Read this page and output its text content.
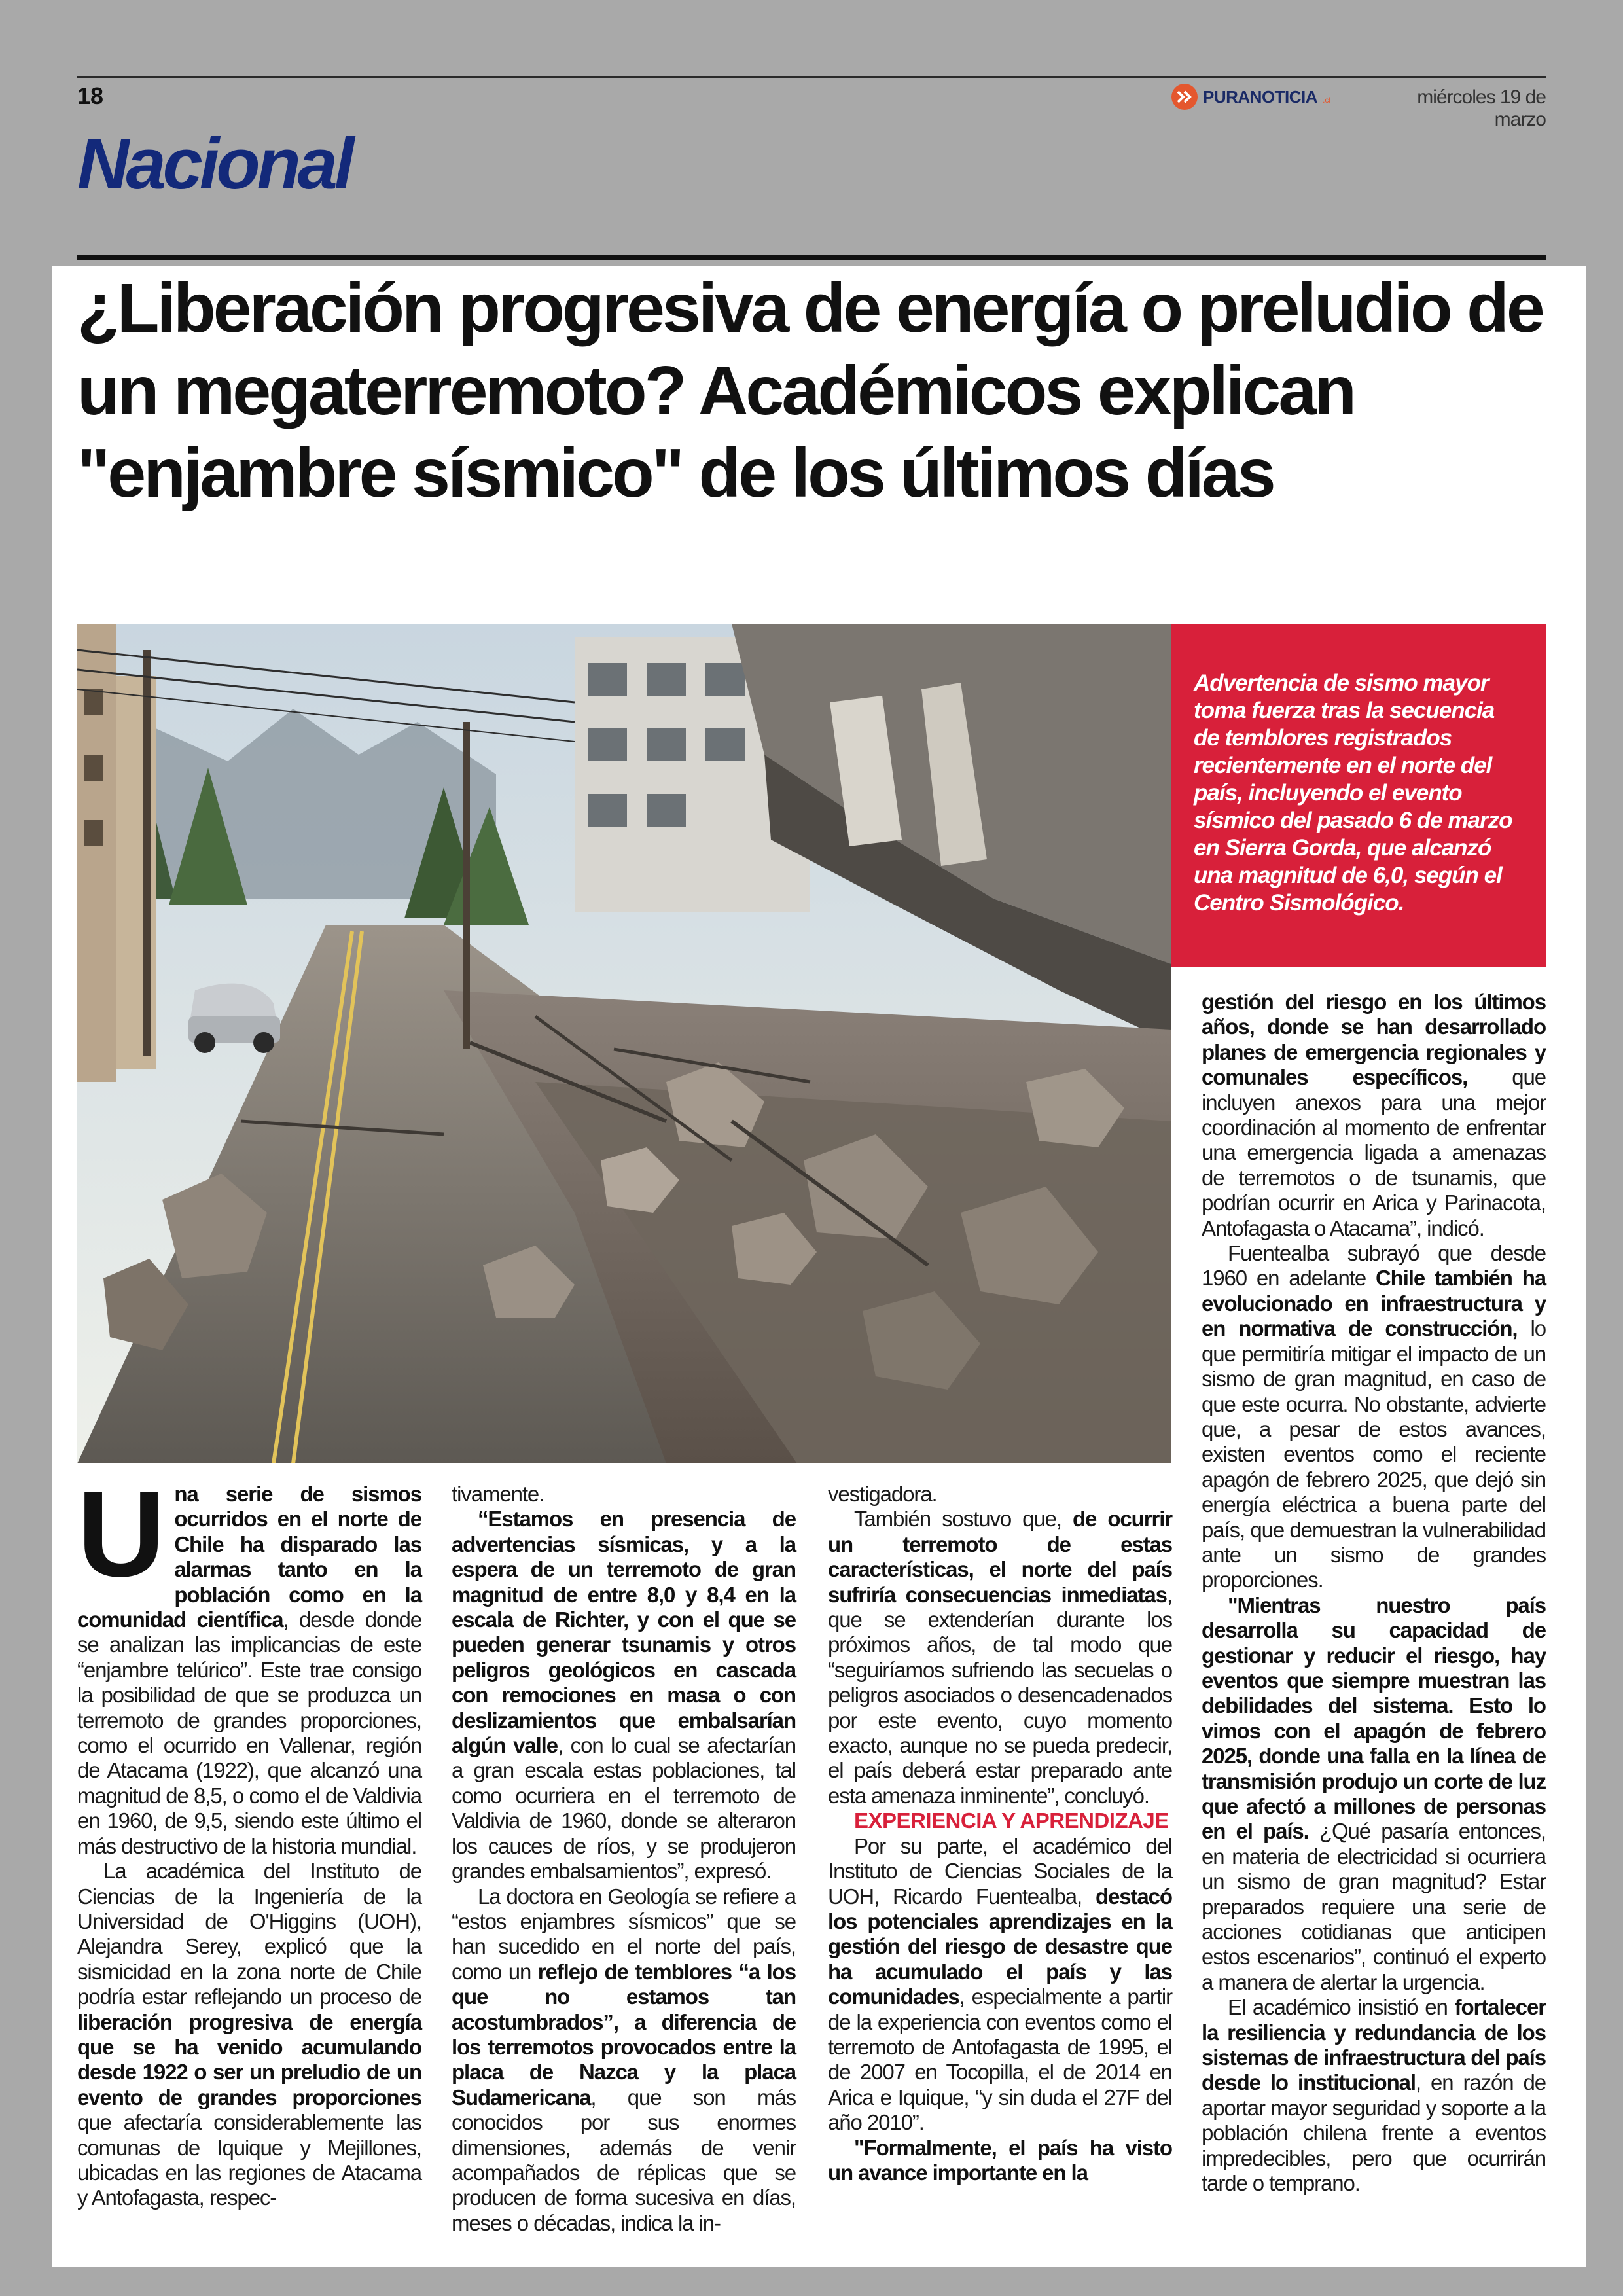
18	PURANOTICIA .cl	miércoles 19 de marzo
Nacional
¿Liberación progresiva de energía o preludio de un megaterremoto? Académicos explican "enjambre sísmico" de los últimos días

Advertencia de sismo mayor toma fuerza tras la secuencia de temblores registrados recientemente en el norte del país, incluyendo el evento sísmico del pasado 6 de marzo en Sierra Gorda, que alcanzó una magnitud de 6,0, según el Centro Sismológico.

U na serie de sismos ocurridos en el norte de Chile ha disparado las alarmas tanto en la población como en la comunidad científica, desde donde se analizan las implicancias de este “enjambre telúrico”. Este trae consigo la posibilidad de que se produzca un terremoto de grandes proporciones, como el ocurrido en Vallenar, región de Atacama (1922), que alcanzó una magnitud de 8,5, o como el de Valdivia en 1960, de 9,5, siendo este último el más destructivo de la historia mundial.

La académica del Instituto de Ciencias de la Ingeniería de la Universidad de O'Higgins (UOH), Alejandra Serey, explicó que la sismicidad en la zona norte de Chile podría estar reflejando un proceso de liberación progresiva de energía que se ha venido acumulando desde 1922 o ser un preludio de un evento de grandes proporciones que afectaría considerablemente las comunas de Iquique y Mejillones, ubicadas en las regiones de Atacama y Antofagasta, respec-

tivamente.

“Estamos en presencia de advertencias sísmicas, y a la espera de un terremoto de gran magnitud de entre 8,0 y 8,4 en la escala de Richter, y con el que se pueden generar tsunamis y otros peligros geológicos en cascada con remociones en masa o con deslizamientos que embalsarían algún valle, con lo cual se afectarían a gran escala estas poblaciones, tal como ocurriera en el terremoto de Valdivia de 1960, donde se alteraron los cauces de ríos, y se produjeron grandes embalsamientos”, expresó.

La doctora en Geología se refiere a “estos enjambres sísmicos” que se han sucedido en el norte del país, como un reflejo de temblores “a los que no estamos tan acostumbrados”, a diferencia de los terremotos provocados entre la placa de Nazca y la placa Sudamericana, que son más conocidos por sus enormes dimensiones, además de venir acompañados de réplicas que se producen de forma sucesiva en días, meses o décadas, indica la in-

vestigadora.

También sostuvo que, de ocurrir un terremoto de estas características, el norte del país sufriría consecuencias inmediatas, que se extenderían durante los próximos años, de tal modo que “seguiríamos sufriendo las secuelas o peligros asociados o desencadenados por este evento, cuyo momento exacto, aunque no se pueda predecir, el país deberá estar preparado ante esta amenaza inminente”, concluyó.

EXPERIENCIA Y APRENDIZAJE

Por su parte, el académico del Instituto de Ciencias Sociales de la UOH, Ricardo Fuentealba, destacó los potenciales aprendizajes en la gestión del riesgo de desastre que ha acumulado el país y las comunidades, especialmente a partir de la experiencia con eventos como el terremoto de Antofagasta de 1995, el de 2007 en Tocopilla, el de 2014 en Arica e Iquique, “y sin duda el 27F del año 2010”.

"Formalmente, el país ha visto un avance importante en la

gestión del riesgo en los últimos años, donde se han desarrollado planes de emergencia regionales y comunales específicos, que incluyen anexos para una mejor coordinación al momento de enfrentar una emergencia ligada a amenazas de terremotos o de tsunamis, que podrían ocurrir en Arica y Parinacota, Antofagasta o Atacama”, indicó.

Fuentealba subrayó que desde 1960 en adelante Chile también ha evolucionado en infraestructura y en normativa de construcción, lo que permitiría mitigar el impacto de un sismo de gran magnitud, en caso de que este ocurra. No obstante, advierte que, a pesar de estos avances, existen eventos como el reciente apagón de febrero 2025, que dejó sin energía eléctrica a buena parte del país, que demuestran la vulnerabilidad ante un sismo de grandes proporciones.

"Mientras nuestro país desarrolla su capacidad de gestionar y reducir el riesgo, hay eventos que siempre muestran las debilidades del sistema. Esto lo vimos con el apagón de febrero 2025, donde una falla en la línea de transmisión produjo un corte de luz que afectó a millones de personas en el país. ¿Qué pasaría entonces, en materia de electricidad si ocurriera un sismo de gran magnitud? Estar preparados requiere una serie de acciones cotidianas que anticipen estos escenarios”, continuó el experto a manera de alertar la urgencia.

El académico insistió en fortalecer la resiliencia y redundancia de los sistemas de infraestructura del país desde lo institucional, en razón de aportar mayor seguridad y soporte a la población chilena frente a eventos impredecibles, pero que ocurrirán tarde o temprano.
